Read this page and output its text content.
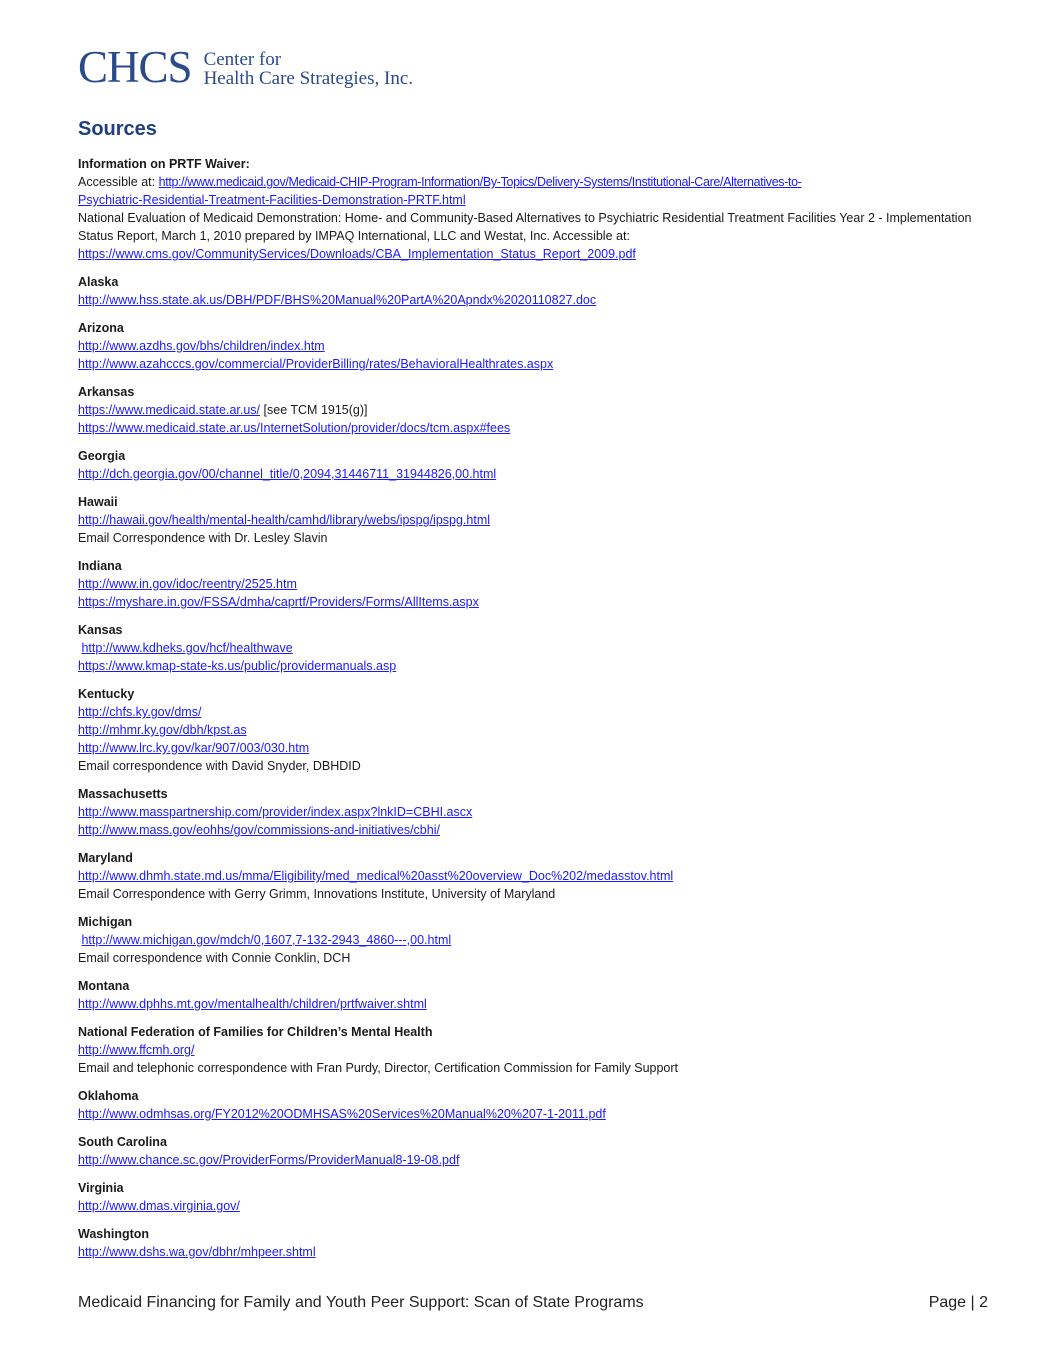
CHCS Center for
Health Care Strategies, Inc.
Sources
Information on PRTF Waiver:
Accessible at: http://www.medicaid.gov/Medicaid-CHIP-Program-Information/By-Topics/Delivery-Systems/Institutional-Care/Alternatives-to-
Psychiatric-Residential-Treatment-Facilities-Demonstration-PRTF.html
National Evaluation of Medicaid Demonstration: Home- and Community-Based Alternatives to Psychiatric Residential Treatment Facilities Year 2 - Implementation Status Report, March 1, 2010 prepared by IMPAQ International, LLC and Westat, Inc. Accessible at:
https://www.cms.gov/CommunityServices/Downloads/CBA_Implementation_Status_Report_2009.pdf
Alaska
http://www.hss.state.ak.us/DBH/PDF/BHS%20Manual%20PartA%20Apndx%2020110827.doc
Arizona
http://www.azdhs.gov/bhs/children/index.htm
http://www.azahcccs.gov/commercial/ProviderBilling/rates/BehavioralHealthrates.aspx
Arkansas
https://www.medicaid.state.ar.us/ [see TCM 1915(g)]
https://www.medicaid.state.ar.us/InternetSolution/provider/docs/tcm.aspx#fees
Georgia
http://dch.georgia.gov/00/channel_title/0,2094,31446711_31944826,00.html
Hawaii
http://hawaii.gov/health/mental-health/camhd/library/webs/ipspg/ipspg.html
Email Correspondence with Dr. Lesley Slavin
Indiana
http://www.in.gov/idoc/reentry/2525.htm
https://myshare.in.gov/FSSA/dmha/caprtf/Providers/Forms/AllItems.aspx
Kansas
http://www.kdheks.gov/hcf/healthwave
https://www.kmap-state-ks.us/public/providermanuals.asp
Kentucky
http://chfs.ky.gov/dms/
http://mhmr.ky.gov/dbh/kpst.as
http://www.lrc.ky.gov/kar/907/003/030.htm
Email correspondence with David Snyder, DBHDID
Massachusetts
http://www.masspartnership.com/provider/index.aspx?lnkID=CBHI.ascx
http://www.mass.gov/eohhs/gov/commissions-and-initiatives/cbhi/
Maryland
http://www.dhmh.state.md.us/mma/Eligibility/med_medical%20asst%20overview_Doc%202/medasstov.html
Email Correspondence with Gerry Grimm, Innovations Institute, University of Maryland
Michigan
http://www.michigan.gov/mdch/0,1607,7-132-2943_4860---,00.html
Email correspondence with Connie Conklin, DCH
Montana
http://www.dphhs.mt.gov/mentalhealth/children/prtfwaiver.shtml
National Federation of Families for Children’s Mental Health
http://www.ffcmh.org/
Email and telephonic correspondence with Fran Purdy, Director, Certification Commission for Family Support
Oklahoma
http://www.odmhsas.org/FY2012%20ODMHSAS%20Services%20Manual%20%207-1-2011.pdf
South Carolina
http://www.chance.sc.gov/ProviderForms/ProviderManual8-19-08.pdf
Virginia
http://www.dmas.virginia.gov/
Washington
http://www.dshs.wa.gov/dbhr/mhpeer.shtml
Medicaid Financing for Family and Youth Peer Support: Scan of State Programs	Page | 2
